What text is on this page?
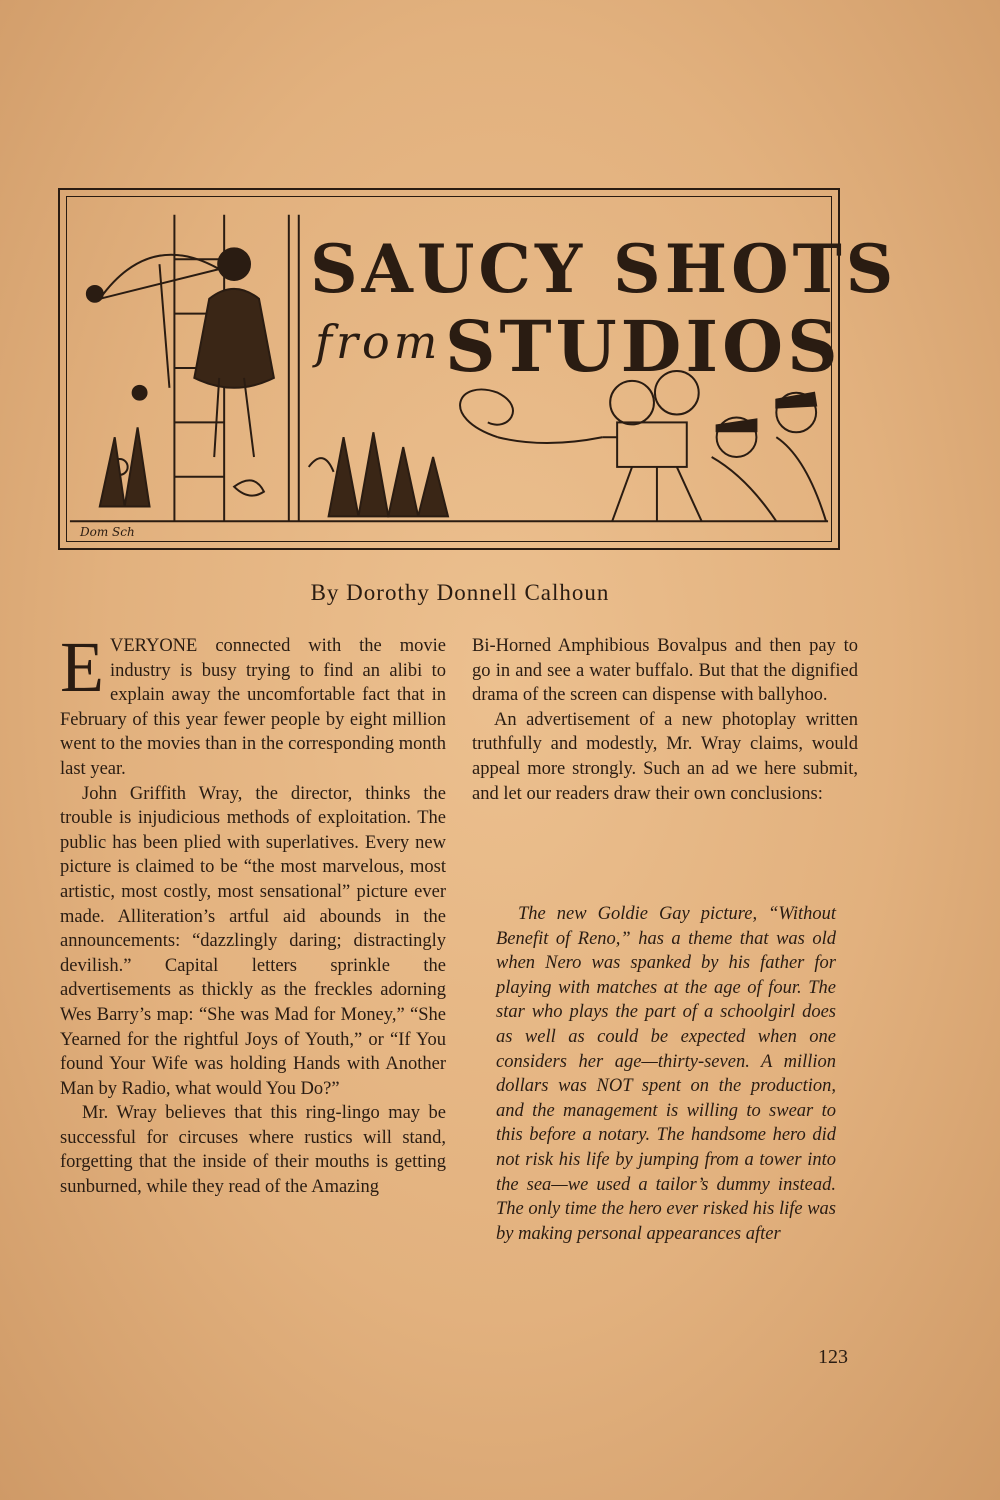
SAUCY SHOTS
from STUDIOS
Dom Sch
By Dorothy Donnell Calhoun

EVERYONE connected with the movie industry is busy trying to find an alibi to explain away the uncomfortable fact that in February of this year fewer people by eight million went to the movies than in the corresponding month last year.

John Griffith Wray, the director, thinks the trouble is injudicious methods of exploitation. The public has been plied with superlatives. Every new picture is claimed to be “the most marvelous, most artistic, most costly, most sensational” picture ever made. Alliteration’s artful aid abounds in the announcements: “dazzlingly daring; distractingly devilish.” Capital letters sprinkle the advertisements as thickly as the freckles adorning Wes Barry’s map: “She was Mad for Money,” “She Yearned for the rightful Joys of Youth,” or “If You found Your Wife was holding Hands with Another Man by Radio, what would You Do?”

Mr. Wray believes that this ring-lingo may be successful for circuses where rustics will stand, forgetting that the inside of their mouths is getting sunburned, while they read of the Amazing

Bi-Horned Amphibious Bovalpus and then pay to go in and see a water buffalo. But that the dignified drama of the screen can dispense with ballyhoo.

An advertisement of a new photoplay written truthfully and modestly, Mr. Wray claims, would appeal more strongly. Such an ad we here submit, and let our readers draw their own conclusions:

The new Goldie Gay picture, “Without Benefit of Reno,” has a theme that was old when Nero was spanked by his father for playing with matches at the age of four. The star who plays the part of a schoolgirl does as well as could be expected when one considers her age—thirty-seven. A million dollars was NOT spent on the production, and the management is willing to swear to this before a notary. The handsome hero did not risk his life by jumping from a tower into the sea—we used a tailor’s dummy instead. The only time the hero ever risked his life was by making personal appearances after

123
